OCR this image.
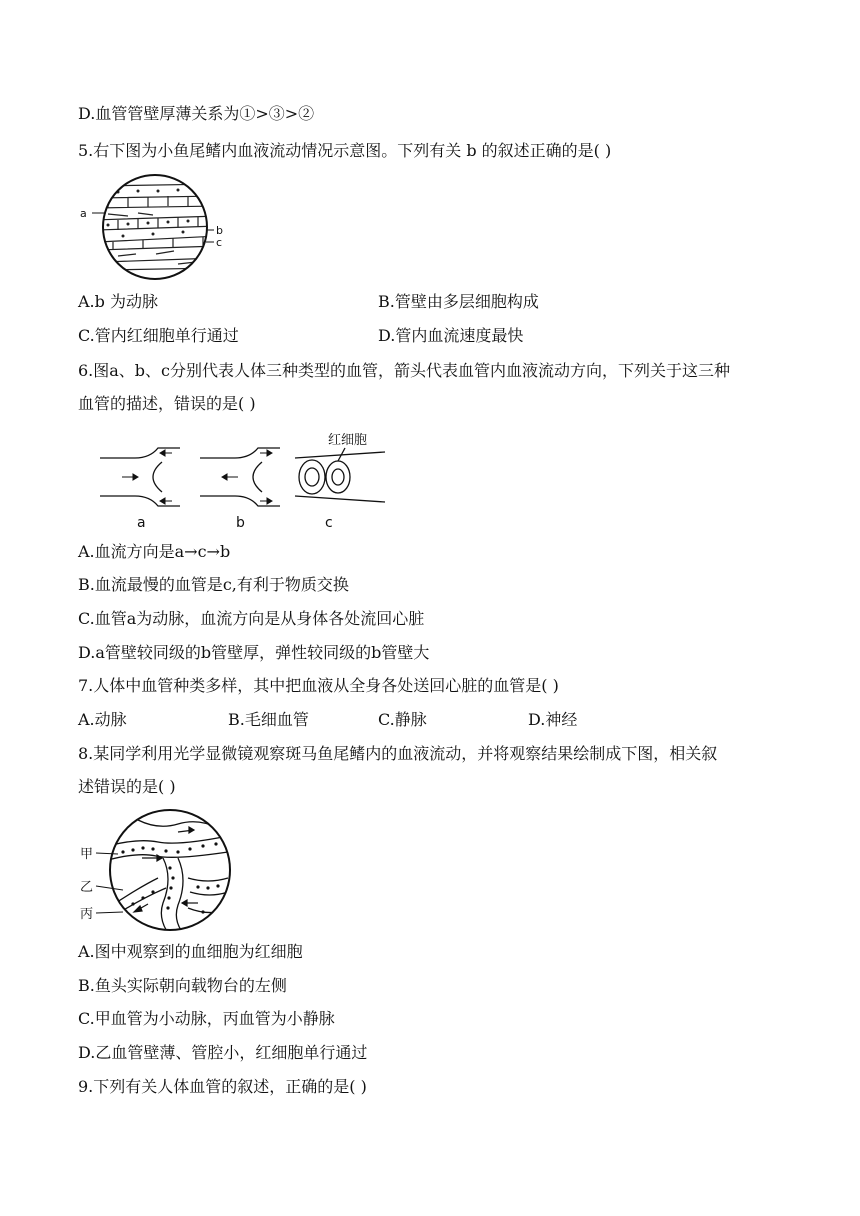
D.血管管壁厚薄关系为①>③>②
5.右下图为小鱼尾鳍内血液流动情况示意图。下列有关 b 的叙述正确的是( )
a
b
c
A.b 为动脉	B.管壁由多层细胞构成
C.管内红细胞单行通过	D.管内血流速度最快
6.图a、b、c分别代表人体三种类型的血管，箭头代表血管内血液流动方向，下列关于这三种
血管的描述，错误的是( )
红细胞
a	b	c
A.血流方向是a→c→b
B.血流最慢的血管是c,有利于物质交换
C.血管a为动脉，血流方向是从身体各处流回心脏
D.a管壁较同级的b管壁厚，弹性较同级的b管壁大
7.人体中血管种类多样，其中把血液从全身各处送回心脏的血管是( )
A.动脉	B.毛细血管	C.静脉	D.神经
8.某同学利用光学显微镜观察斑马鱼尾鳍内的血液流动，并将观察结果绘制成下图，相关叙
述错误的是( )
甲
乙
丙
A.图中观察到的血细胞为红细胞
B.鱼头实际朝向载物台的左侧
C.甲血管为小动脉，丙血管为小静脉
D.乙血管壁薄、管腔小，红细胞单行通过
9.下列有关人体血管的叙述，正确的是( )
